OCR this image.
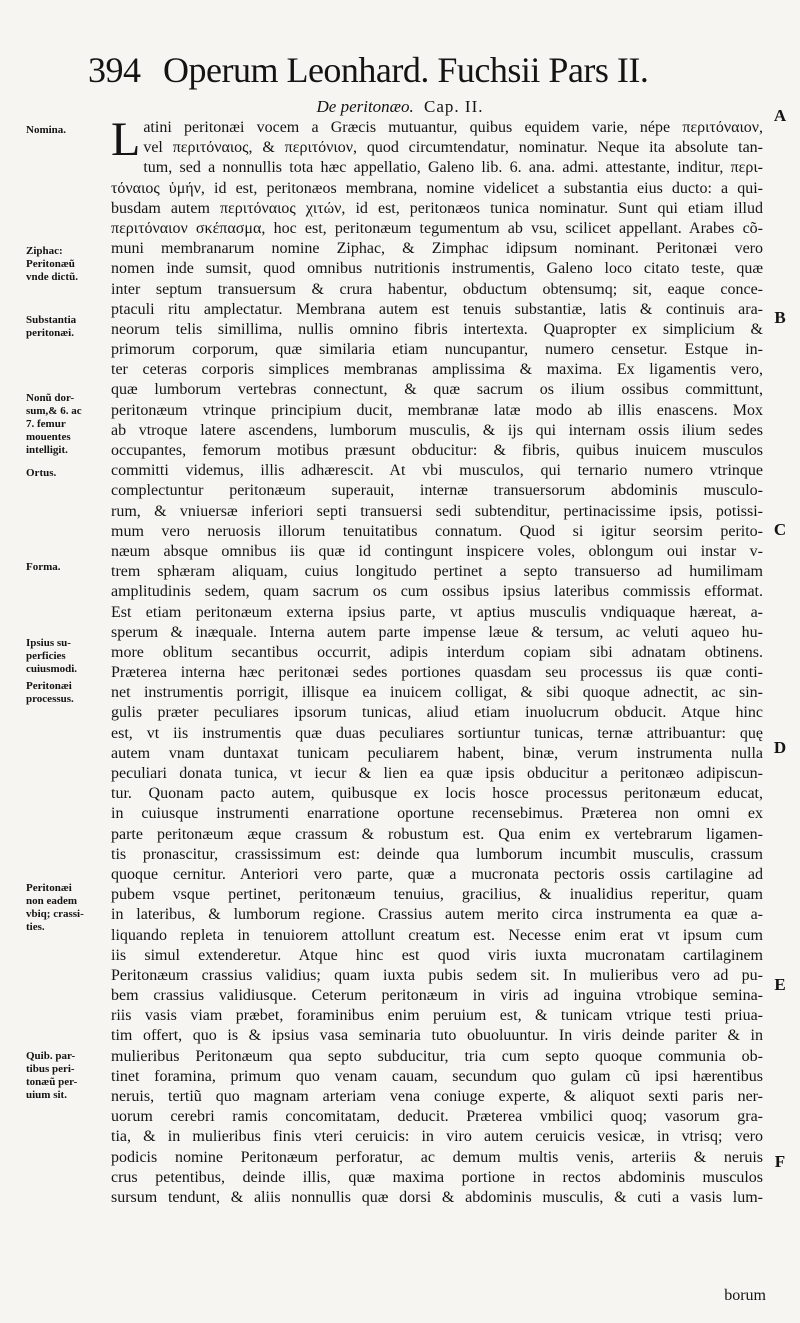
394 Operum Leonhard. Fuchsii Pars II.
De peritonæo. Cap. II.
L atini peritonæi vocem a Græcis mutuantur, quibus equidem varie, népe περιτόναιον,
vel περιτόναιος, & περιτόνιον, quod circumtendatur, nominatur. Neque ita absolute tan-
tum, sed a nonnullis tota hæc appellatio, Galeno lib. 6. ana. admi. attestante, inditur, περι-
τόναιος ὑμήν, id est, peritonæos membrana, nomine videlicet a substantia eius ducto: a qui-
busdam autem περιτόναιος χιτών, id est, peritonæos tunica nominatur. Sunt qui etiam illud
περιτόναιον σκέπασμα, hoc est, peritonæum tegumentum ab vsu, scilicet appellant. Arabes cõ-
muni membranarum nomine Ziphac, & Zimphac idipsum nominant. Peritonæi vero
nomen inde sumsit, quod omnibus nutritionis instrumentis, Galeno loco citato teste, quæ
inter septum transuersum & crura habentur, obductum obtensumq; sit, eaque conce-
ptaculi ritu amplectatur. Membrana autem est tenuis substantiæ, latis & continuis ara-
neorum telis simillima, nullis omnino fibris intertexta. Quapropter ex simplicium &
primorum corporum, quæ similaria etiam nuncupantur, numero censetur. Estque in-
ter ceteras corporis simplices membranas amplissima & maxima. Ex ligamentis vero,
quæ lumborum vertebras connectunt, & quæ sacrum os ilium ossibus committunt,
peritonæum vtrinque principium ducit, membranæ latæ modo ab illis enascens. Mox
ab vtroque latere ascendens, lumborum musculis, & ijs qui internam ossis ilium sedes
occupantes, femorum motibus præsunt obducitur: & fibris, quibus inuicem musculos
committi videmus, illis adhærescit. At vbi musculos, qui ternario numero vtrinque
complectuntur peritonæum superauit, internæ transuersorum abdominis musculo-
rum, & vniuersæ inferiori septi transuersi sedi subtenditur, pertinacissime ipsis, potissi-
mum vero neruosis illorum tenuitatibus connatum. Quod si igitur seorsim perito-
næum absque omnibus iis quæ id contingunt inspicere voles, oblongum oui instar v-
trem sphæram aliquam, cuius longitudo pertinet a septo transuerso ad humilimam
amplitudinis sedem, quam sacrum os cum ossibus ipsius lateribus commissis efformat.
Est etiam peritonæum externa ipsius parte, vt aptius musculis vndiquaque hæreat, a-
sperum & inæquale. Interna autem parte impense læue & tersum, ac veluti aqueo hu-
more oblitum secantibus occurrit, adipis interdum copiam sibi adnatam obtinens.
Præterea interna hæc peritonæi sedes portiones quasdam seu processus iis quæ conti-
net instrumentis porrigit, illisque ea inuicem colligat, & sibi quoque adnectit, ac sin-
gulis præter peculiares ipsorum tunicas, aliud etiam inuolucrum obducit. Atque hinc
est, vt iis instrumentis quæ duas peculiares sortiuntur tunicas, ternæ attribuantur: quę
autem vnam duntaxat tunicam peculiarem habent, binæ, verum instrumenta nulla
peculiari donata tunica, vt iecur & lien ea quæ ipsis obducitur a peritonæo adipiscun-
tur. Quonam pacto autem, quibusque ex locis hosce processus peritonæum educat,
in cuiusque instrumenti enarratione oportune recensebimus. Præterea non omni ex
parte peritonæum æque crassum & robustum est. Qua enim ex vertebrarum ligamen-
tis pronascitur, crassissimum est: deinde qua lumborum incumbit musculis, crassum
quoque cernitur. Anteriori vero parte, quæ a mucronata pectoris ossis cartilagine ad
pubem vsque pertinet, peritonæum tenuius, gracilius, & inualidius reperitur, quam
in lateribus, & lumborum regione. Crassius autem merito circa instrumenta ea quæ a-
liquando repleta in tenuiorem attollunt creatum est. Necesse enim erat vt ipsum cum
iis simul extenderetur. Atque hinc est quod viris iuxta mucronatam cartilaginem
Peritonæum crassius validius; quam iuxta pubis sedem sit. In mulieribus vero ad pu-
bem crassius validiusque. Ceterum peritonæum in viris ad inguina vtrobique semina-
riis vasis viam præbet, foraminibus enim peruium est, & tunicam vtrique testi priua-
tim offert, quo is & ipsius vasa seminaria tuto obuoluuntur. In viris deinde pariter & in
mulieribus Peritonæum qua septo subducitur, tria cum septo quoque communia ob-
tinet foramina, primum quo venam cauam, secundum quo gulam cũ ipsi hærentibus
neruis, tertiũ quo magnam arteriam vena coniuge experte, & aliquot sexti paris ner-
uorum cerebri ramis concomitatam, deducit. Præterea vmbilici quoq; vasorum gra-
tia, & in mulieribus finis vteri ceruicis: in viro autem ceruicis vesicæ, in vtrisq; vero
podicis nomine Peritonæum perforatur, ac demum multis venis, arteriis & neruis
crus petentibus, deinde illis, quæ maxima portione in rectos abdominis musculos
sursum tendunt, & aliis nonnullis quæ dorsi & abdominis musculis, & cuti a vasis lum-
borum
Nomina.
Ziphac:
Peritonæũ
vnde dictũ.
Substantia
peritonæi.
Nonũ dor-
sum,& 6. ac
7. femur
mouentes
intelligit.
Ortus.
Forma.
Ipsius su-
perficies
cuiusmodi.
Peritonæi
processus.
Peritonæi
non eadem
vbiq; crassi-
ties.
Quib. par-
tibus peri-
tonæũ per-
uium sit.
A
B
C
D
E
F
